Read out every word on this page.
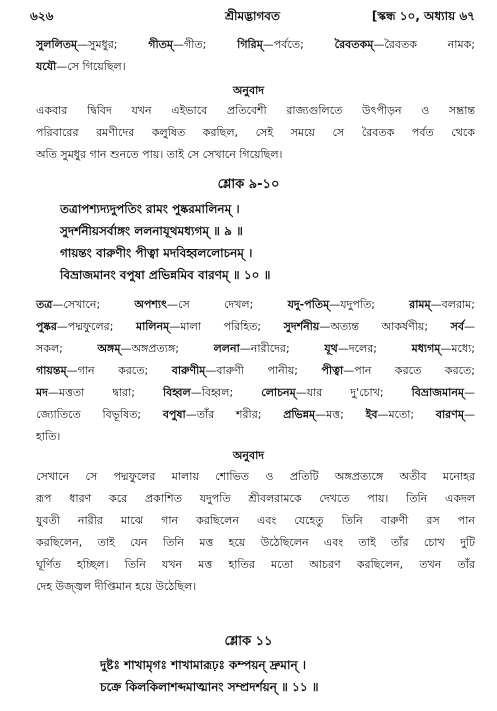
৬২৬	শ্রীমদ্ভাগবত	[স্কন্ধ ১০, অধ্যায় ৬৭

সুললিতম্—সুমধুর; গীতম্—গীত; গিরিম্—পর্বতে; রৈবতকম্—রৈবতক নামক;

যযৌ—সে গিয়েছিল।

অনুবাদ

একবার দ্বিবিদ যখন এইভাবে প্রতিবেশী রাজ্যগুলিতে উৎপীড়ন ও সম্ভ্রান্ত

পরিবারের রমণীদের কলুষিত করছিল, সেই সময়ে সে রৈবতক পর্বত থেকে

অতি সুমধুর গান শুনতে পায়। তাই সে সেখানে গিয়েছিল।

শ্লোক ৯-১০

তত্রাপশ্যদ্যদুপতিং রামং পুষ্করমালিনম্ ।

সুদর্শনীয়সর্বাঙ্গং ললনাযূথমধ্যগম্ ॥ ৯ ॥

গায়ন্তং বারুণীং পীত্বা মদবিহ্বললোচনম্ ।

বিভ্রাজমানং বপুষা প্রভিন্নমিব বারণম্ ॥ ১০ ॥

তত্র—সেখানে; অপশ্যৎ—সে দেখল; যদু-পতিম্—যদুপতি; রামম্—বলরাম;

পুষ্কর—পদ্মফুলের; মালিনম্—মালা পরিহিত; সুদর্শনীয়—অত্যন্ত আকর্ষণীয়; সর্ব—

সকল; অঙ্গম্—অঙ্গপ্রত্যঙ্গ; ললনা—নারীদের; যূথ—দলের; মধ্যগম্—মধ্যে;

গায়ন্তম্—গান করতে; বারুণীম্—বারুণী পানীয়; পীত্বা—পান করতে করতে;

মদ—মত্ততা দ্বারা; বিহ্বল—বিহ্বল; লোচনম্—যার দু'চোখ; বিভ্রাজমানম্—

জ্যোতিতে বিভূষিত; বপুষা—তাঁর শরীর; প্রভিন্নম্—মত্ত; ইব—মতো; বারণম্—

হাতি।

অনুবাদ

সেখানে সে পদ্মফুলের মালায় শোভিত ও প্রতিটি অঙ্গপ্রত্যঙ্গে অতীব মনোহর

রূপ ধারণ করে প্রকাশিত যদুপতি শ্রীবলরামকে দেখতে পায়। তিনি একদল

যুবতী নারীর মাঝে গান করছিলেন এবং যেহেতু তিনি বারুণী রস পান

করছিলেন, তাই যেন তিনি মত্ত হয়ে উঠেছিলেন এবং তাই তাঁর চোখ দুটি

ঘূর্ণিত হচ্ছিল। তিনি যখন মত্ত হাতির মতো আচরণ করছিলেন, তখন তাঁর

দেহ উজ্জ্বল দীপ্তিমান হয়ে উঠেছিল।

শ্লোক ১১

দুষ্টঃ শাখামৃগঃ শাখামারূঢ়ঃ কম্পয়ন্ দ্রুমান্ ।

চক্রে কিলকিলাশব্দমাত্মানং সম্প্রদর্শয়ন্ ॥ ১১ ॥
